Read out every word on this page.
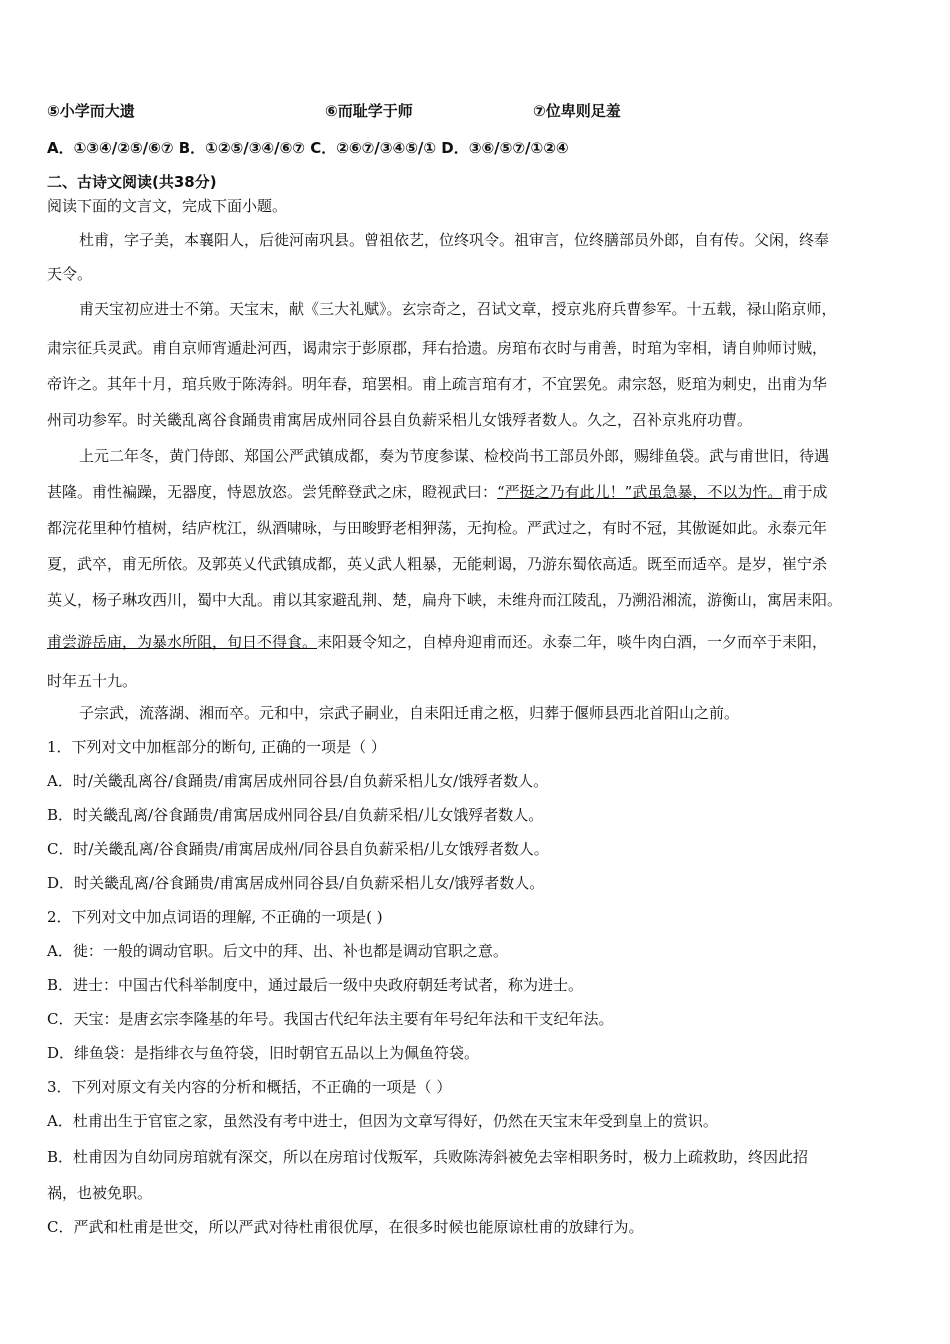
⑤小学而大遗	⑥而耻学于师	⑦位卑则足羞
A．①③④/②⑤/⑥⑦ B．①②⑤/③④/⑥⑦ C．②⑥⑦/③④⑤/① D．③⑥/⑤⑦/①②④
二、古诗文阅读(共38分)
阅读下面的文言文，完成下面小题。
杜甫，字子美，本襄阳人，后徙河南巩县。曾祖依艺，位终巩令。祖审言，位终膳部员外郎，自有传。父闲，终奉
天令。
甫天宝初应进士不第。天宝末，献《三大礼赋》。玄宗奇之，召试文章，授京兆府兵曹参军。十五载，禄山陷京师，
肃宗征兵灵武。甫自京师宵遁赴河西，谒肃宗于彭原郡，拜右拾遗。房琯布衣时与甫善，时琯为宰相，请自帅师讨贼，
帝许之。其年十月，琯兵败于陈涛斜。明年春，琯罢相。甫上疏言琯有才，不宜罢免。肃宗怒，贬琯为刺史，出甫为华
州司功参军。时关畿乱离谷食踊贵甫寓居成州同谷县自负薪采梠儿女饿殍者数人。久之，召补京兆府功曹。
上元二年冬，黄门侍郎、郑国公严武镇成都，奏为节度参谋、检校尚书工部员外郎，赐绯鱼袋。武与甫世旧，待遇
甚隆。甫性褊躁，无器度，恃恩放恣。尝凭醉登武之床，瞪视武曰：“严挺之乃有此儿！”武虽急暴，不以为忤。甫于成
都浣花里种竹植树，结庐枕江，纵酒啸咏，与田畯野老相狎荡，无拘检。严武过之，有时不冠，其傲诞如此。永泰元年
夏，武卒，甫无所依。及郭英乂代武镇成都，英乂武人粗暴，无能刺谒，乃游东蜀依高适。既至而适卒。是岁，崔宁杀
英乂，杨子琳攻西川，蜀中大乱。甫以其家避乱荆、楚，扁舟下峡，未维舟而江陵乱，乃溯沿湘流，游衡山，寓居耒阳。
甫尝游岳庙，为暴水所阻，旬日不得食。耒阳聂令知之，自棹舟迎甫而还。永泰二年，啖牛肉白酒，一夕而卒于耒阳，
时年五十九。
子宗武，流落湖、湘而卒。元和中，宗武子嗣业，自耒阳迁甫之柩，归葬于偃师县西北首阳山之前。
1．下列对文中加框部分的断句, 正确的一项是（ ）
A．时/关畿乱离谷/食踊贵/甫寓居成州同谷县/自负薪采梠儿女/饿殍者数人。
B．时关畿乱离/谷食踊贵/甫寓居成州同谷县/自负薪采梠/儿女饿殍者数人。
C．时/关畿乱离/谷食踊贵/甫寓居成州/同谷县自负薪采梠/儿女饿殍者数人。
D．时关畿乱离/谷食踊贵/甫寓居成州同谷县/自负薪采梠儿女/饿殍者数人。
2．下列对文中加点词语的理解, 不正确的一项是( )
A．徙：一般的调动官职。后文中的拜、出、补也都是调动官职之意。
B．进士：中国古代科举制度中，通过最后一级中央政府朝廷考试者，称为进士。
C．天宝：是唐玄宗李隆基的年号。我国古代纪年法主要有年号纪年法和干支纪年法。
D．绯鱼袋：是指绯衣与鱼符袋，旧时朝官五品以上为佩鱼符袋。
3．下列对原文有关内容的分析和概括，不正确的一项是（ ）
A．杜甫出生于官宦之家，虽然没有考中进士，但因为文章写得好，仍然在天宝末年受到皇上的赏识。
B．杜甫因为自幼同房琯就有深交，所以在房琯讨伐叛军，兵败陈涛斜被免去宰相职务时，极力上疏救助，终因此招
祸，也被免职。
C．严武和杜甫是世交，所以严武对待杜甫很优厚，在很多时候也能原谅杜甫的放肆行为。
